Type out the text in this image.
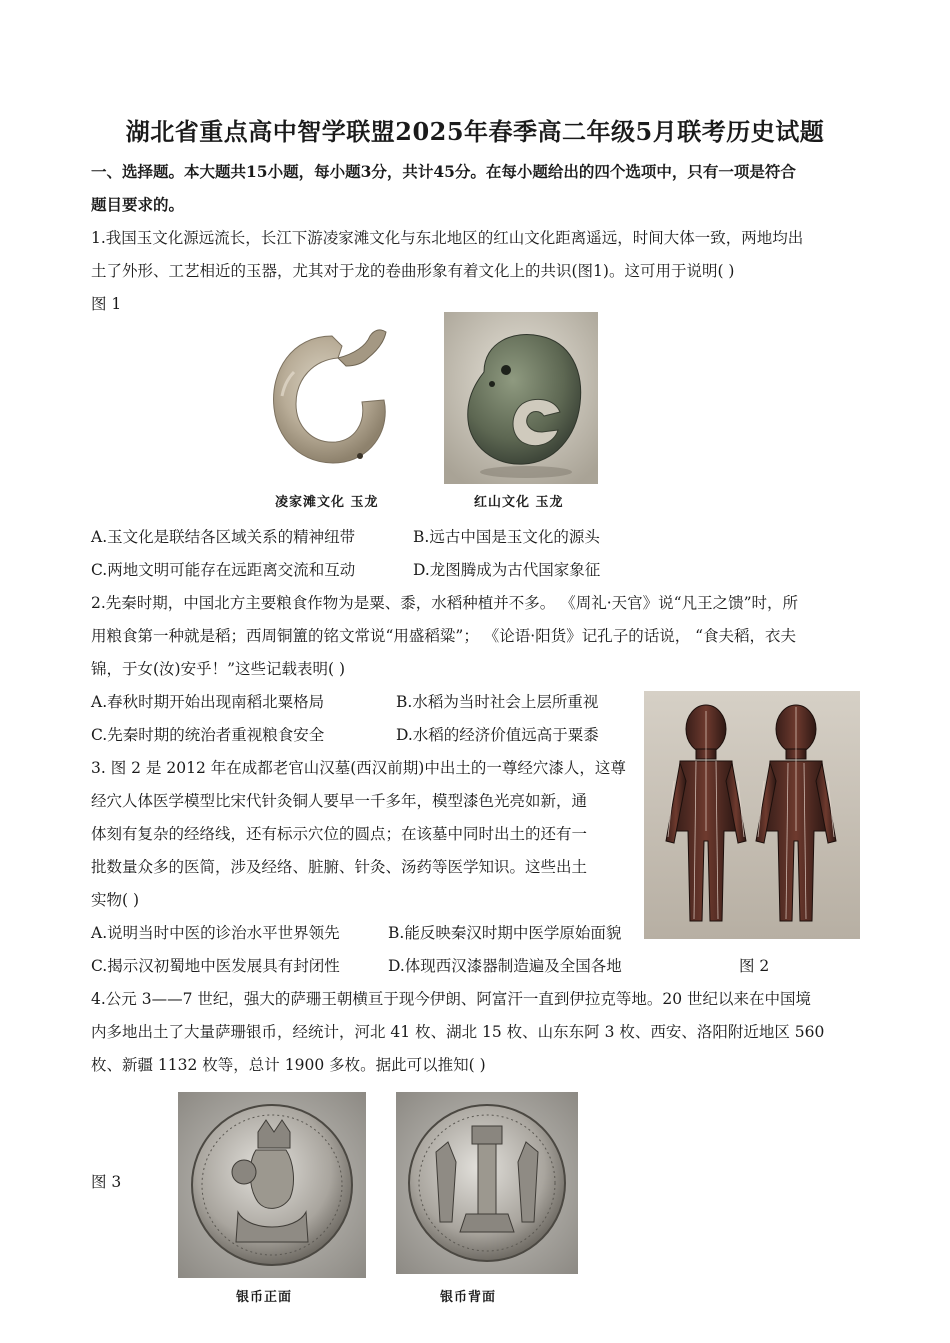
湖北省重点高中智学联盟2025年春季高二年级5月联考历史试题
一、选择题。本大题共15小题，每小题3分，共计45分。在每小题给出的四个选项中，只有一项是符合
题目要求的。
1.我国玉文化源远流长，长江下游凌家滩文化与东北地区的红山文化距离遥远，时间大体一致，两地均出
土了外形、工艺相近的玉器，尤其对于龙的卷曲形象有着文化上的共识(图1)。这可用于说明( )
图 1
凌家滩文化 玉龙	红山文化 玉龙
A.玉文化是联结各区域关系的精神纽带	B.远古中国是玉文化的源头
C.两地文明可能存在远距离交流和互动	D.龙图腾成为古代国家象征
2.先秦时期，中国北方主要粮食作物为是粟、黍，水稻种植并不多。 《周礼·天官》说“凡王之馈”时，所
用粮食第一种就是稻；西周铜簠的铭文常说“用盛稻粱”； 《论语·阳货》记孔子的话说， “食夫稻，衣夫
锦，于女(汝)安乎！”这些记载表明( )
A.春秋时期开始出现南稻北粟格局	B.水稻为当时社会上层所重视
C.先秦时期的统治者重视粮食安全	D.水稻的经济价值远高于粟黍
3. 图 2 是 2012 年在成都老官山汉墓(西汉前期)中出土的一尊经穴漆人，这尊
经穴人体医学模型比宋代针灸铜人要早一千多年，模型漆色光亮如新，通
体刻有复杂的经络线，还有标示穴位的圆点；在该墓中同时出土的还有一
批数量众多的医简，涉及经络、脏腑、针灸、汤药等医学知识。这些出土
实物( )
A.说明当时中医的诊治水平世界领先	B.能反映秦汉时期中医学原始面貌
C.揭示汉初蜀地中医发展具有封闭性	D.体现西汉漆器制造遍及全国各地	图 2
4.公元 3——7 世纪，强大的萨珊王朝横亘于现今伊朗、阿富汗一直到伊拉克等地。20 世纪以来在中国境
内多地出土了大量萨珊银币，经统计，河北 41 枚、湖北 15 枚、山东东阿 3 枚、西安、洛阳附近地区 560
枚、新疆 1132 枚等，总计 1900 多枚。据此可以推知( )
图 3
银币正面	银币背面
